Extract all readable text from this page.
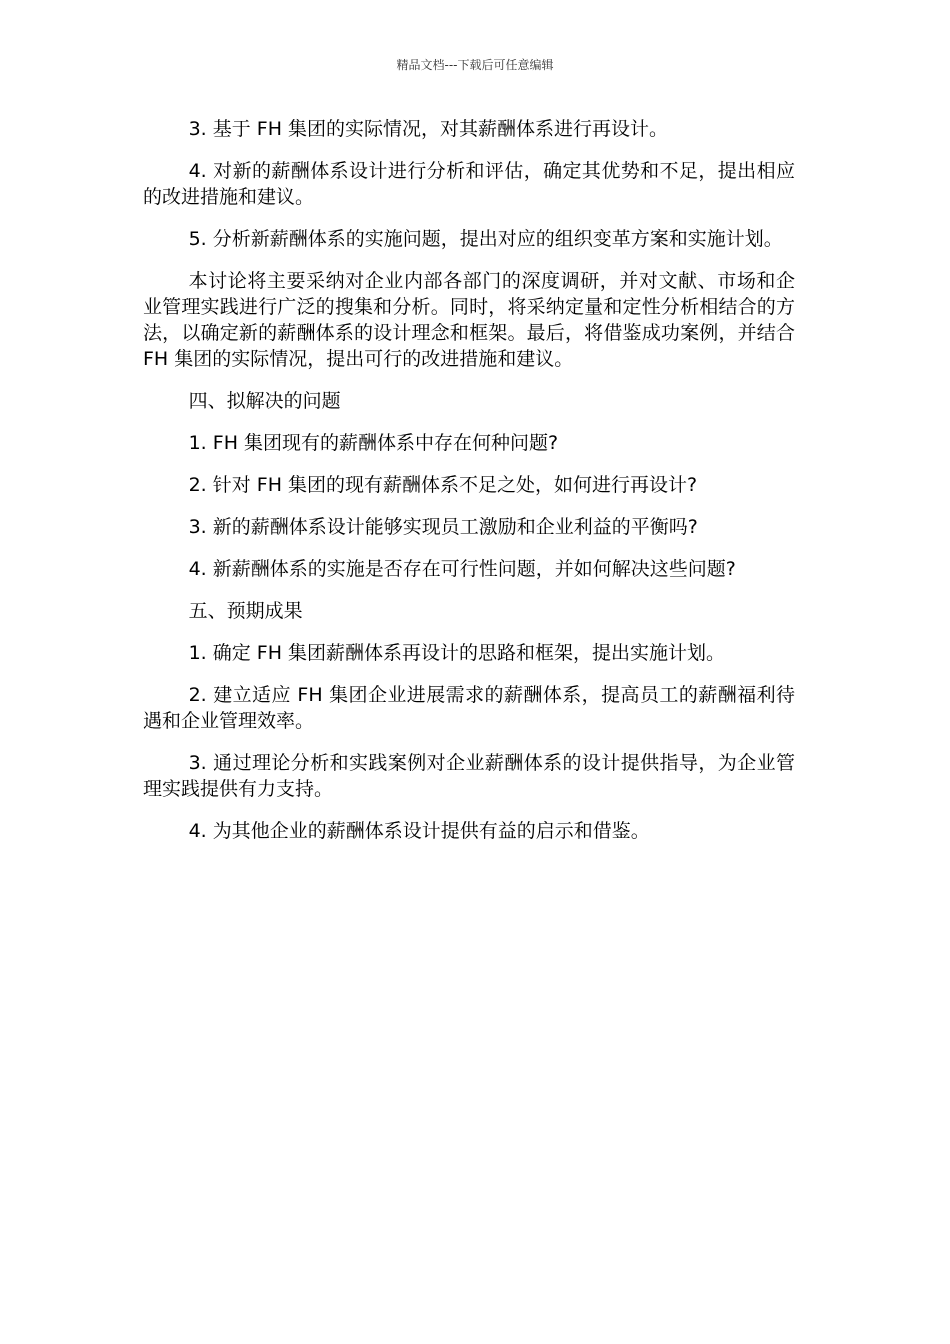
精品文档---下载后可任意编辑

3. 基于 FH 集团的实际情况，对其薪酬体系进行再设计。

4. 对新的薪酬体系设计进行分析和评估，确定其优势和不足，提出相应的改进措施和建议。

5. 分析新薪酬体系的实施问题，提出对应的组织变革方案和实施计划。

本讨论将主要采纳对企业内部各部门的深度调研，并对文献、市场和企业管理实践进行广泛的搜集和分析。同时，将采纳定量和定性分析相结合的方法，以确定新的薪酬体系的设计理念和框架。最后，将借鉴成功案例，并结合 FH 集团的实际情况，提出可行的改进措施和建议。

四、拟解决的问题

1. FH 集团现有的薪酬体系中存在何种问题?

2. 针对 FH 集团的现有薪酬体系不足之处，如何进行再设计?

3. 新的薪酬体系设计能够实现员工激励和企业利益的平衡吗?

4. 新薪酬体系的实施是否存在可行性问题，并如何解决这些问题?

五、预期成果

1. 确定 FH 集团薪酬体系再设计的思路和框架，提出实施计划。

2. 建立适应 FH 集团企业进展需求的薪酬体系，提高员工的薪酬福利待遇和企业管理效率。

3. 通过理论分析和实践案例对企业薪酬体系的设计提供指导，为企业管理实践提供有力支持。

4. 为其他企业的薪酬体系设计提供有益的启示和借鉴。
